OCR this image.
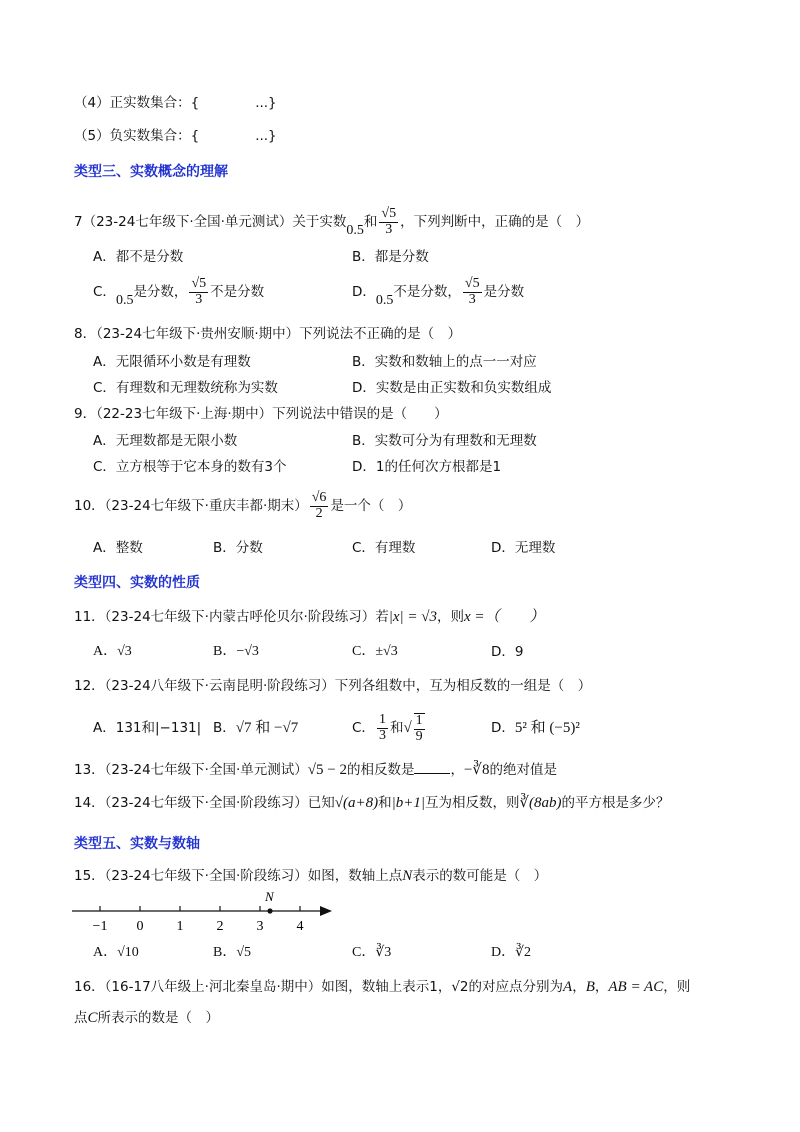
（4）正实数集合：{	...}
（5）负实数集合：{	...}
类型三、实数概念的理解
7（23-24七年级下·全国·单元测试）关于实数0.5和 $\frac{√5}{3}$ ，下列判断中，正确的是（　）
A．都不是分数	B．都是分数
C．0.5是分数， $\frac{√5}{3}$ 不是分数	D．0.5不是分数， $\frac{√5}{3}$ 是分数
8．（23-24七年级下·贵州安顺·期中）下列说法不正确的是（　）
A．无限循环小数是有理数	B．实数和数轴上的点一一对应
C．有理数和无理数统称为实数	D．实数是由正实数和负实数组成
9．（22-23七年级下·上海·期中）下列说法中错误的是（　　）
A．无理数都是无限小数	B．实数可分为有理数和无理数
C．立方根等于它本身的数有3个	D．1的任何次方根都是1
10．（23-24七年级下·重庆丰都·期末） $\frac{√6}{2}$ 是一个（　）
A．整数	B．分数	C．有理数	D．无理数
类型四、实数的性质
11．（23-24七年级下·内蒙古呼伦贝尔·阶段练习）若|x| = √3，则x =（　　）
A．√3	B．−√3	C．±√3	D．9
12．（23-24八年级下·云南昆明·阶段练习）下列各组数中，互为相反数的一组是（　）
A．131和|−131| B．√7 和 −√7	C． $\frac{1}{3}$ 和√ $\frac{1}{9}$	D．5² 和 (−5)²
13．（23-24七年级下·全国·单元测试）√5 − 2的相反数是	，−∛8的绝对值是
14．（23-24七年级下·全国·阶段练习）已知√(a+8)和|b+1|互为相反数，则∛(8ab)的平方根是多少？
类型五、实数与数轴
15．（23-24七年级下·全国·阶段练习）如图，数轴上点N表示的数可能是（　）
−1 0 1 2 3 4
N
A．√10	B．√5	C．∛3	D．∛2
16．（16-17八年级上·河北秦皇岛·期中）如图，数轴上表示1，√2的对应点分别为A，B，AB = AC，则
点C所表示的数是（　）
